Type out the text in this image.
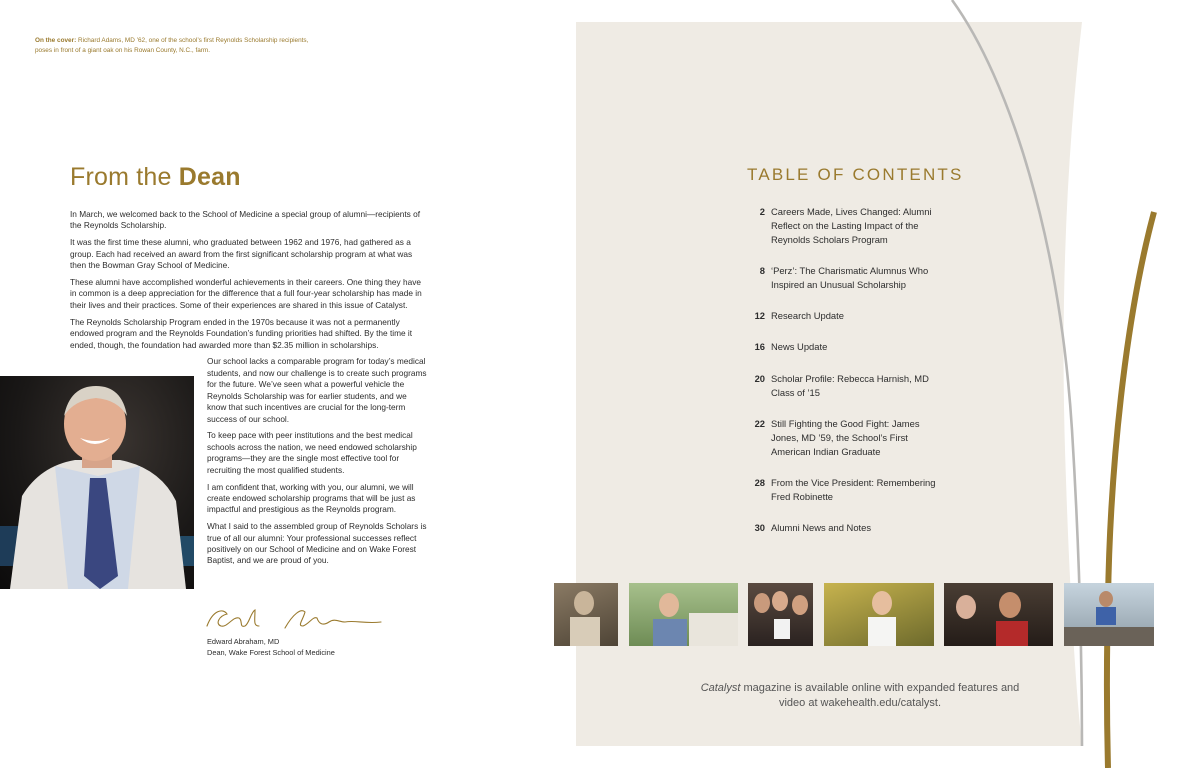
On the cover: Richard Adams, MD ’62, one of the school’s first Reynolds Scholarship recipients, poses in front of a giant oak on his Rowan County, N.C., farm.
From the Dean

In March, we welcomed back to the School of Medicine a special group of alumni—recipients of the Reynolds Scholarship.

It was the first time these alumni, who graduated between 1962 and 1976, had gathered as a group. Each had received an award from the first significant scholarship program at what was then the Bowman Gray School of Medicine.

These alumni have accomplished wonderful achievements in their careers. One thing they have in common is a deep appreciation for the difference that a full four-year scholarship has made in their lives and their practices. Some of their experiences are shared in this issue of Catalyst.

The Reynolds Scholarship Program ended in the 1970s because it was not a permanently endowed program and the Reynolds Foundation’s funding priorities had shifted. By the time it ended, though, the foundation had awarded more than $2.35 million in scholarships.

Our school lacks a comparable program for today’s medical students, and now our challenge is to create such programs for the future. We’ve seen what a powerful vehicle the Reynolds Scholarship was for earlier students, and we know that such incentives are crucial for the long-term success of our school.

To keep pace with peer institutions and the best medical schools across the nation, we need endowed scholarship programs—they are the single most effective tool for recruiting the most qualified students.

I am confident that, working with you, our alumni, we will create endowed scholarship programs that will be just as impactful and prestigious as the Reynolds program.

What I said to the assembled group of Reynolds Scholars is true of all our alumni: Your professional successes reflect positively on our School of Medicine and on Wake Forest Baptist, and we are proud of you.

Edward Abraham, MD
Dean, Wake Forest School of Medicine
TABLE OF CONTENTS
2 Careers Made, Lives Changed: Alumni Reflect on the Lasting Impact of the Reynolds Scholars Program
8 ‘Perz’: The Charismatic Alumnus Who Inspired an Unusual Scholarship
12 Research Update
16 News Update
20 Scholar Profile: Rebecca Harnish, MD Class of ’15
22 Still Fighting the Good Fight: James Jones, MD ’59, the School’s First American Indian Graduate
28 From the Vice President: Remembering Fred Robinette
30 Alumni News and Notes
Catalyst magazine is available online with expanded features and video at wakehealth.edu/catalyst.
